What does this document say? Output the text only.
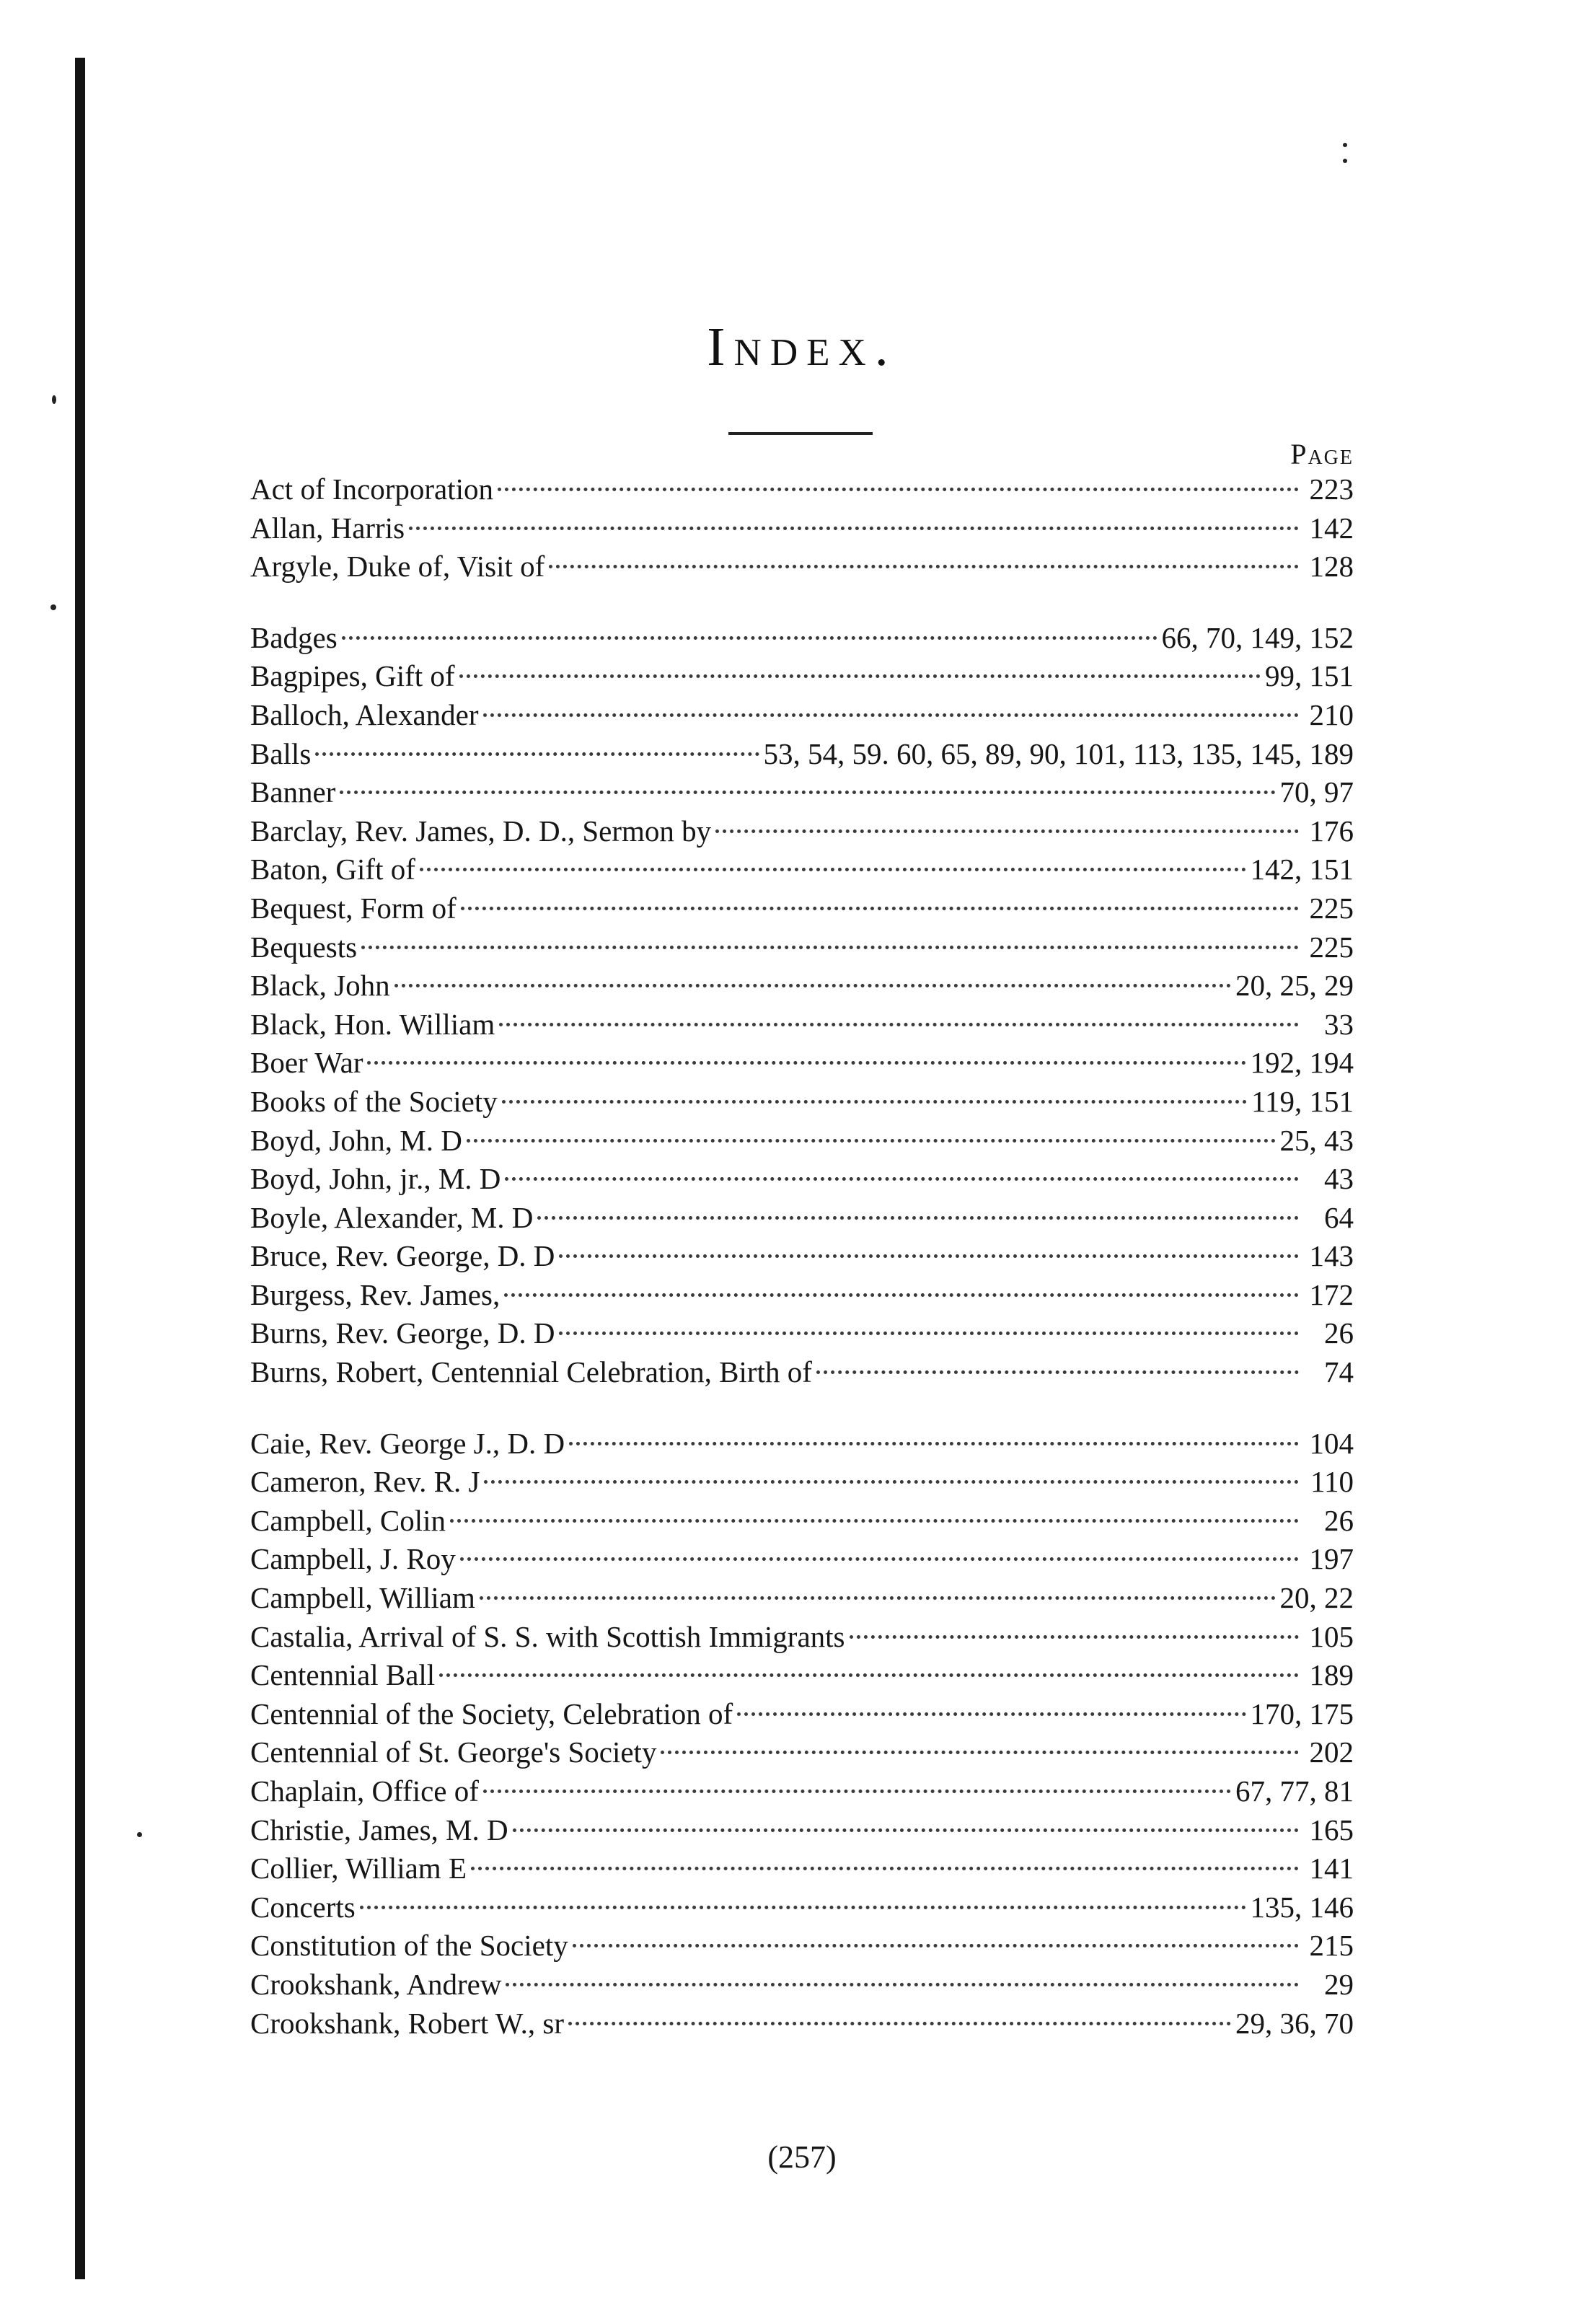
Index.
Page
Act of Incorporation	223
Allan, Harris	142
Argyle, Duke of, Visit of	128
Badges	66, 70, 149, 152
Bagpipes, Gift of	99, 151
Balloch, Alexander	210
Balls	53, 54, 59. 60, 65, 89, 90, 101, 113, 135, 145, 189
Banner	70, 97
Barclay, Rev. James, D. D., Sermon by	176
Baton, Gift of	142, 151
Bequest, Form of	225
Bequests	225
Black, John	20, 25, 29
Black, Hon. William	33
Boer War	192, 194
Books of the Society	119, 151
Boyd, John, M. D	25, 43
Boyd, John, jr., M. D	43
Boyle, Alexander, M. D	64
Bruce, Rev. George, D. D	143
Burgess, Rev. James,	172
Burns, Rev. George, D. D	26
Burns, Robert, Centennial Celebration, Birth of	74
Caie, Rev. George J., D. D	104
Cameron, Rev. R. J	110
Campbell, Colin	26
Campbell, J. Roy	197
Campbell, William	20, 22
Castalia, Arrival of S. S. with Scottish Immigrants	105
Centennial Ball	189
Centennial of the Society, Celebration of	170, 175
Centennial of St. George's Society	202
Chaplain, Office of	67, 77, 81
Christie, James, M. D	165
Collier, William E	141
Concerts	135, 146
Constitution of the Society	215
Crookshank, Andrew	29
Crookshank, Robert W., sr	29, 36, 70
(257)
